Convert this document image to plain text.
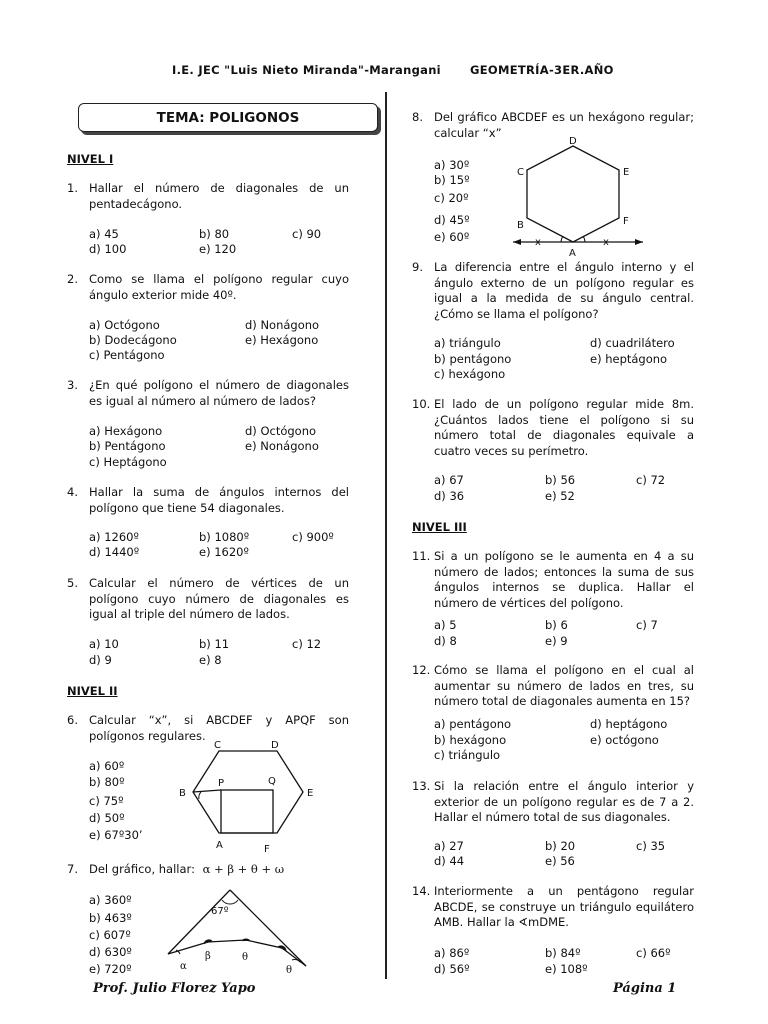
I.E. JEC "Luis Nieto Miranda"-Marangani	GEOMETRÍA-3ER.AÑO
TEMA: POLIGONOS
NIVEL I
1. Hallar el número de diagonales de un pentadecágono.
a) 45	b) 80	c) 90
d) 100	e) 120
2. Como se llama el polígono regular cuyo ángulo exterior mide 40º.
a) Octógono	d) Nonágono
b) Dodecágono	e) Hexágono
c) Pentágono
3. ¿En qué polígono el número de diagonales es igual al número al número de lados?
a) Hexágono	d) Octógono
b) Pentágono	e) Nonágono
c) Heptágono
4. Hallar la suma de ángulos internos del polígono que tiene 54 diagonales.
a) 1260º	b) 1080º	c) 900º
d) 1440º	e) 1620º
5. Calcular el número de vértices de un polígono cuyo número de diagonales es igual al triple del número de lados.
a) 10	b) 11	c) 12
d) 9	e) 8
NIVEL II
6. Calcular “x”, si ABCDEF y APQF son polígonos regulares.
a) 60º
b) 80º
c) 75º
d) 50º
e) 67º30’
C	D
B	E
P	Q
A	F
7. Del gráfico, hallar: α + β + θ + ω
a) 360º
b) 463º
c) 607º
d) 630º
e) 720º
67º
α
β	θ
θ
8. Del gráfico ABCDEF es un hexágono regular; calcular “x”
a) 30º
b) 15º
c) 20º
d) 45º
e) 60º
D
C	E
B	F
A
x	x
9. La diferencia entre el ángulo interno y el ángulo externo de un polígono regular es igual a la medida de su ángulo central. ¿Cómo se llama el polígono?
a) triángulo	d) cuadrilátero
b) pentágono	e) heptágono
c) hexágono
10. El lado de un polígono regular mide 8m. ¿Cuántos lados tiene el polígono si su número total de diagonales equivale a cuatro veces su perímetro.
a) 67	b) 56	c) 72
d) 36	e) 52
NIVEL III
11. Si a un polígono se le aumenta en 4 a su número de lados; entonces la suma de sus ángulos internos se duplica. Hallar el número de vértices del polígono.
a) 5	b) 6	c) 7
d) 8	e) 9
12. Cómo se llama el polígono en el cual al aumentar su número de lados en tres, su número total de diagonales aumenta en 15?
a) pentágono	d) heptágono
b) hexágono	e) octógono
c) triángulo
13. Si la relación entre el ángulo interior y exterior de un polígono regular es de 7 a 2. Hallar el número total de sus diagonales.
a) 27	b) 20	c) 35
d) 44	e) 56
14. Interiormente a un pentágono regular ABCDE, se construye un triángulo equilátero AMB. Hallar la ∢mDME.
a) 86º	b) 84º	c) 66º
d) 56º	e) 108º
Prof. Julio Florez Yapo	Página 1
